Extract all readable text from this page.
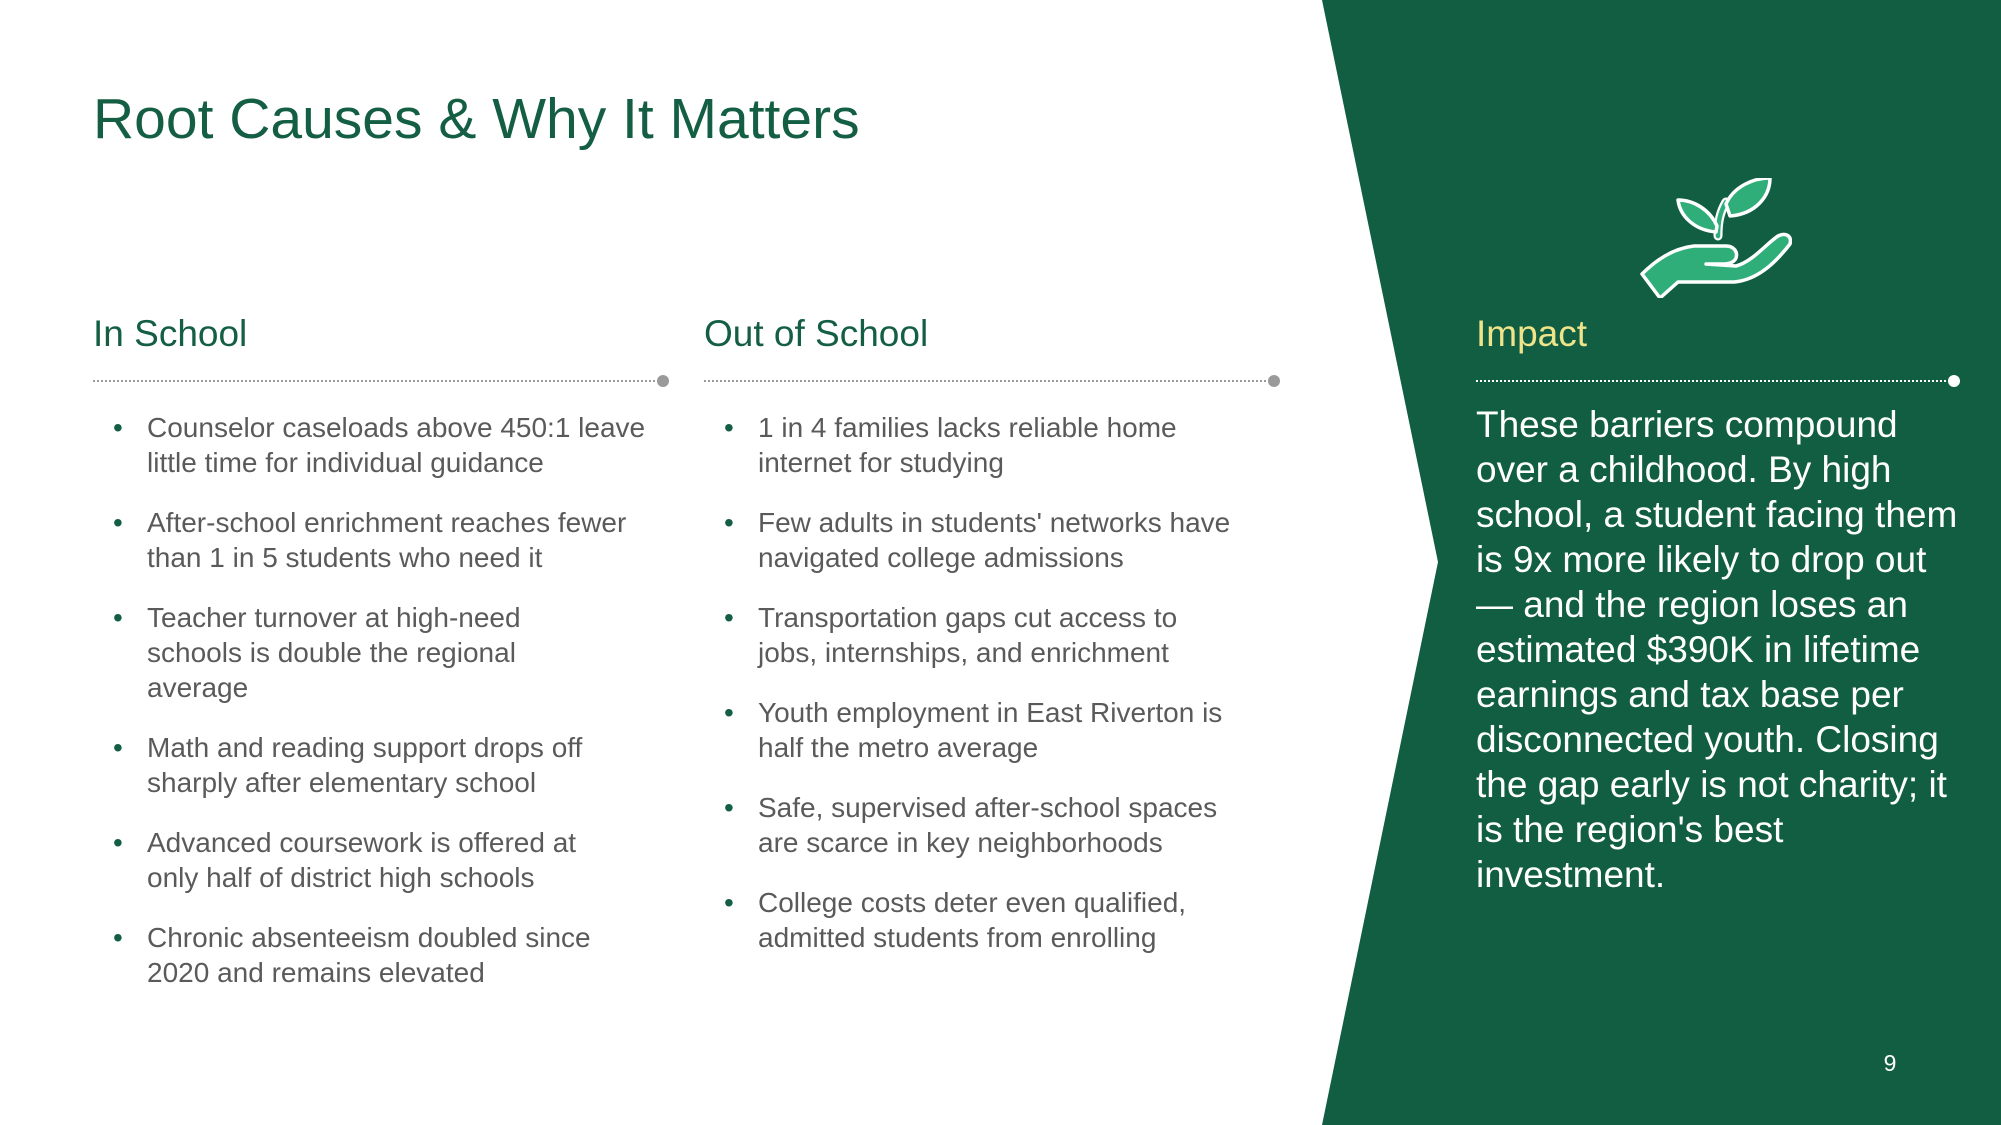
Root Causes & Why It Matters
In School
• Counselor caseloads above 450:1 leave little time for individual guidance
• After-school enrichment reaches fewer than 1 in 5 students who need it
• Teacher turnover at high-need schools is double the regional average
• Math and reading support drops off sharply after elementary school
• Advanced coursework is offered at only half of district high schools
• Chronic absenteeism doubled since 2020 and remains elevated
Out of School
• 1 in 4 families lacks reliable home internet for studying
• Few adults in students' networks have navigated college admissions
• Transportation gaps cut access to jobs, internships, and enrichment
• Youth employment in East Riverton is half the metro average
• Safe, supervised after-school spaces are scarce in key neighborhoods
• College costs deter even qualified, admitted students from enrolling
Impact

These barriers compound over a childhood. By high school, a student facing them is 9x more likely to drop out — and the region loses an estimated $390K in lifetime earnings and tax base per disconnected youth. Closing the gap early is not charity; it is the region's best investment.

9
